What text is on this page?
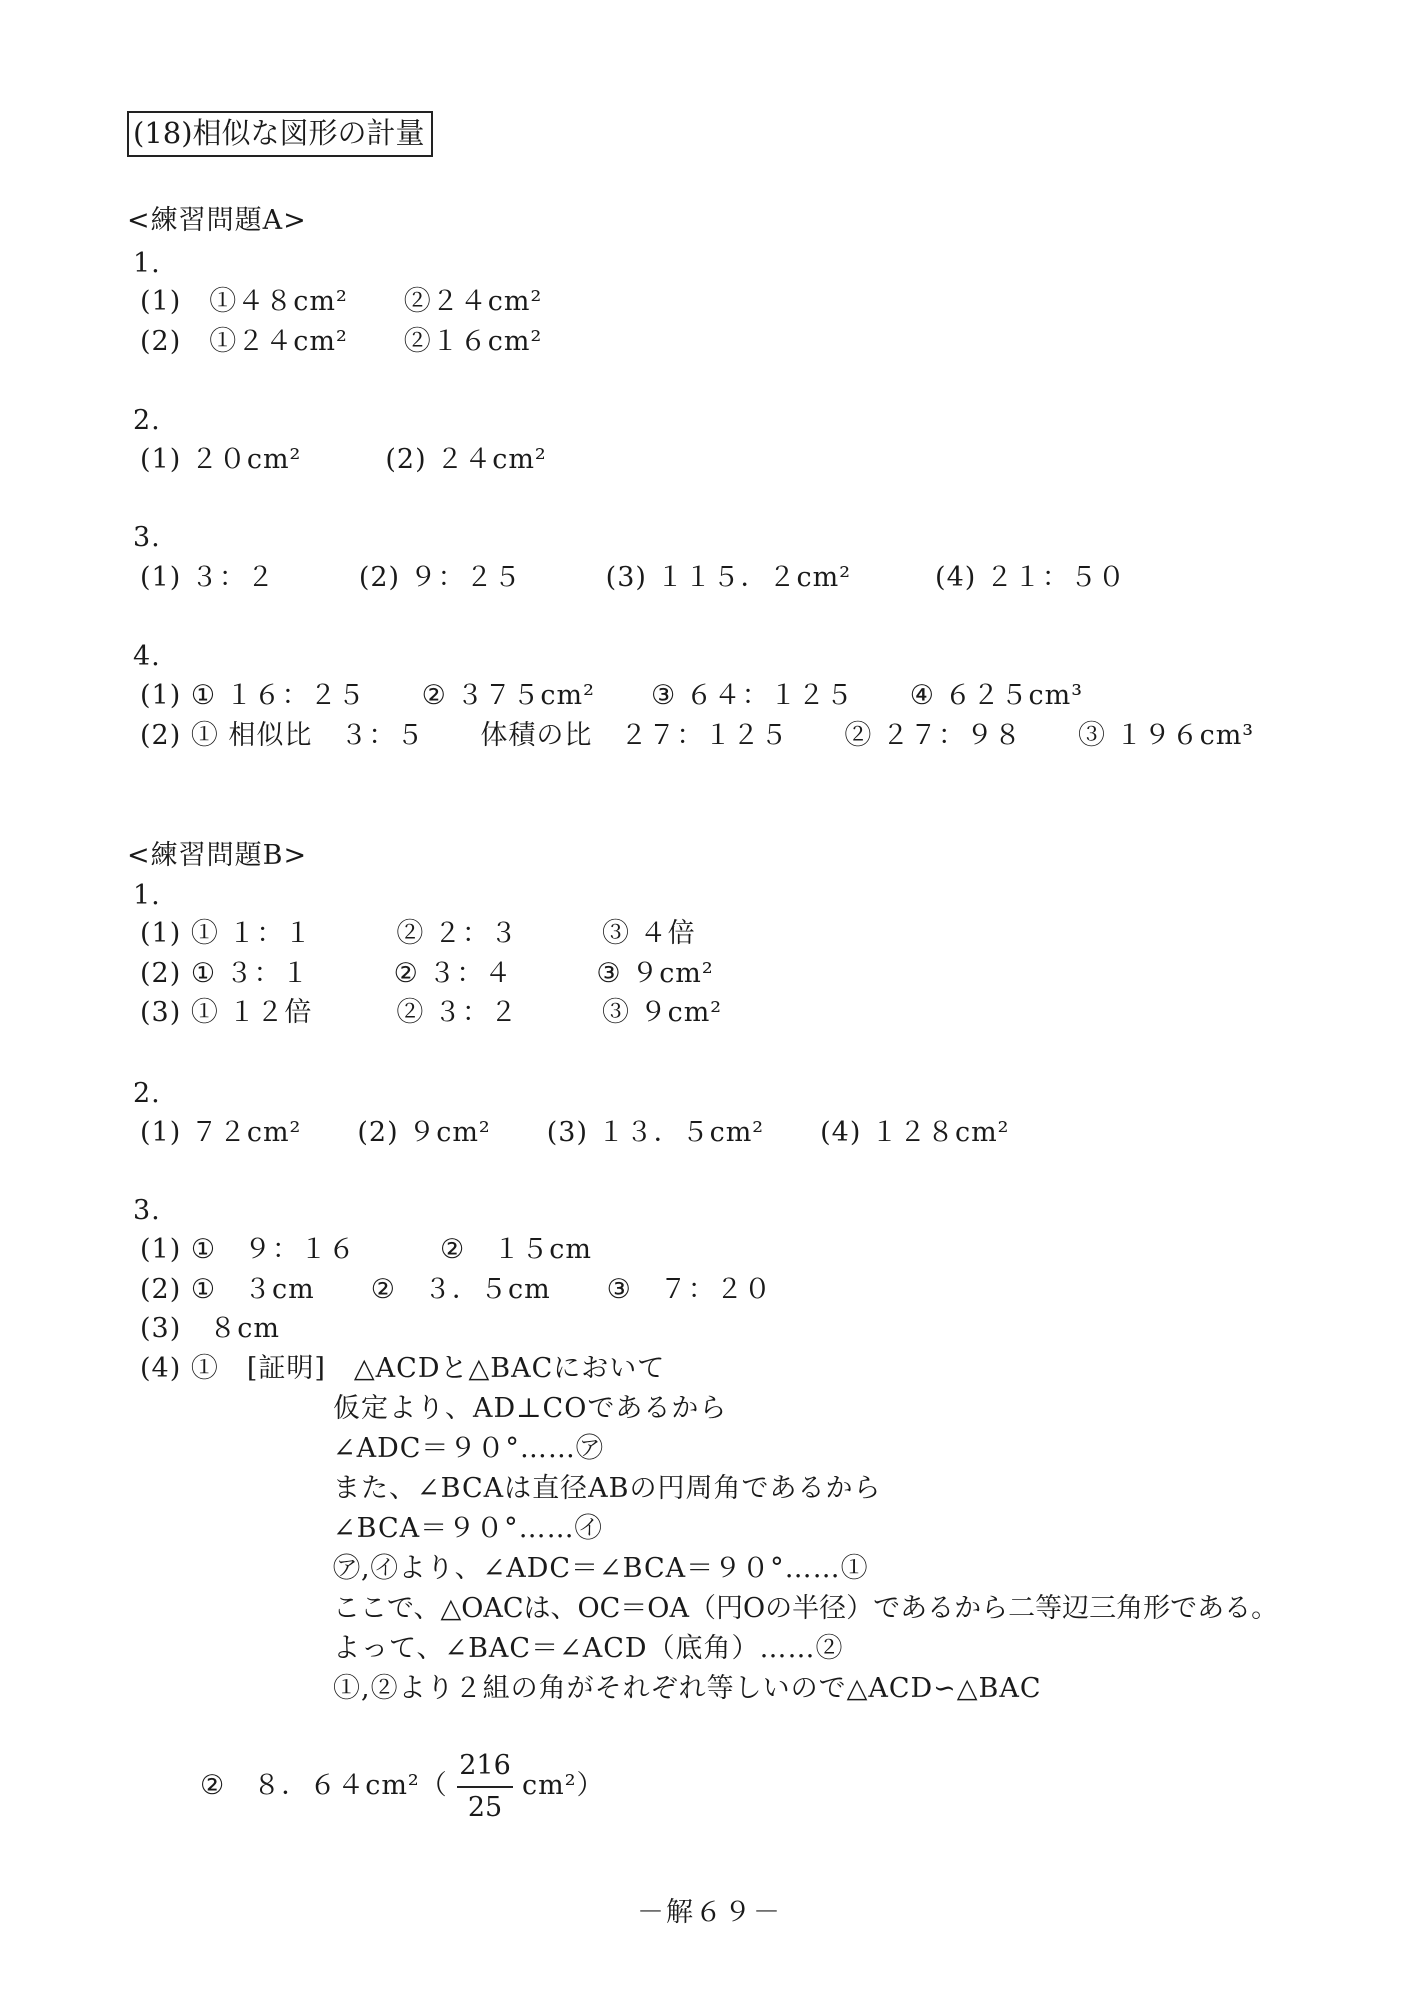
(18)相似な図形の計量
<練習問題A>
1.
(1)　①４８cm²　　②２４cm²
(2)　①２４cm²　　②１６cm²
2.
(1) ２０cm²　　　(2) ２４cm²
3.
(1) ３：２　　　(2) ９：２５　　　(3) １１５．２cm²　　　(4) ２１：５０
4.
(1) ① １６：２５　　② ３７５cm²　　③ ６４：１２５　　④ ６２５cm³
(2) ① 相似比　３：５　　体積の比　２７：１２５　　② ２７：９８　　③ １９６cm³
<練習問題B>
1.
(1) ① １：１　　　② ２：３　　　③ ４倍
(2) ① ３：１　　　② ３：４　　　③ ９cm²
(3) ① １２倍　　　② ３：２　　　③ ９cm²
2.
(1) ７２cm²　　(2) ９cm²　　(3) １３．５cm²　　(4) １２８cm²
3.
(1) ①　９：１６　　　②　１５cm
(2) ①　３cm　　②　３．５cm　　③　７：２０
(3)　８cm
(4) ①　[証明]　△ACDと△BACにおいて
仮定より、AD⊥COであるから
∠ADC＝９０°……㋐
また、∠BCAは直径ABの円周角であるから
∠BCA＝９０°……㋑
㋐,㋑より、∠ADC＝∠BCA＝９０°……①
ここで、△OACは、OC＝OA（円Oの半径）であるから二等辺三角形である。
よって、∠BAC＝∠ACD（底角）……②
①,②より２組の角がそれぞれ等しいので△ACD∽△BAC
②　８．６４cm²（
216
25
cm²）
－解６９－
